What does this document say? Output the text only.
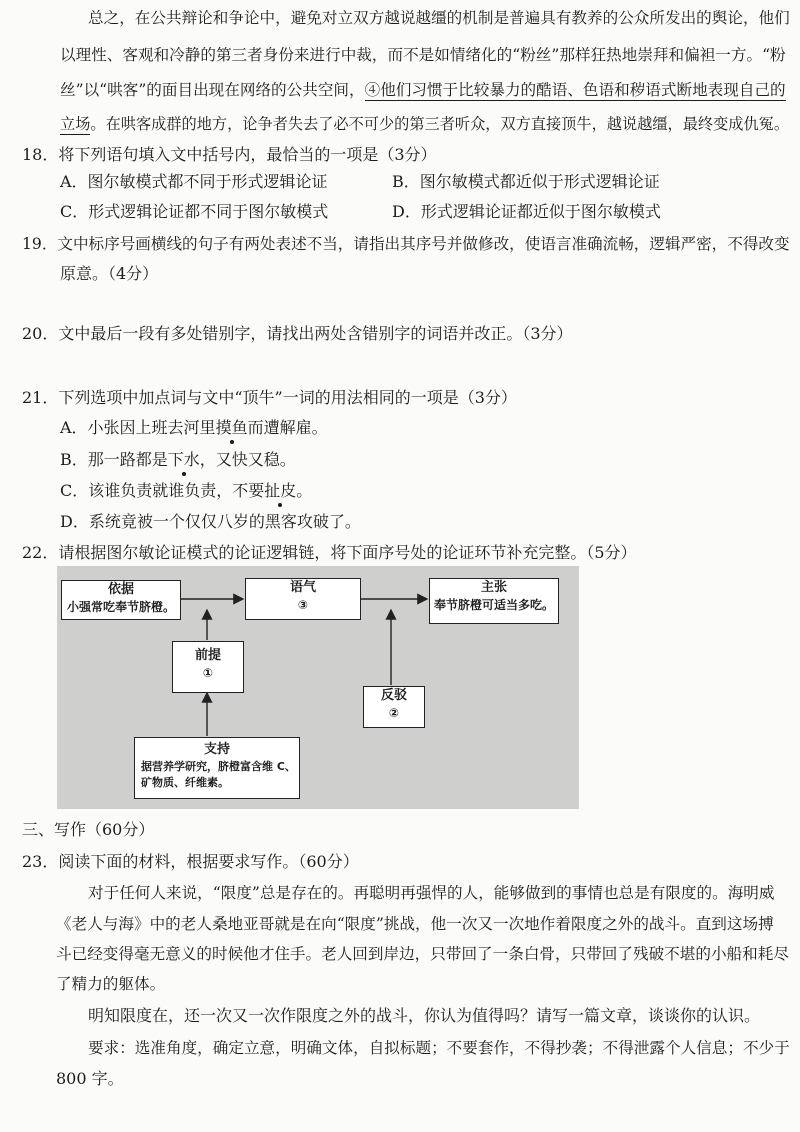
总之，在公共辩论和争论中，避免对立双方越说越缰的机制是普遍具有教养的公众所发出的舆论，他们
以理性、客观和冷静的第三者身份来进行中裁，而不是如情绪化的“粉丝”那样狂热地崇拜和偏袒一方。“粉
丝”以“哄客”的面目出现在网络的公共空间，④他们习惯于比较暴力的酷语、色语和秽语式断地表现自己的
立场。在哄客成群的地方，论争者失去了必不可少的第三者听众，双方直接顶牛，越说越缰，最终变成仇冤。
18．将下列语句填入文中括号内，最恰当的一项是（3分）
A．图尔敏模式都不同于形式逻辑论证	B．图尔敏模式都近似于形式逻辑论证
C．形式逻辑论证都不同于图尔敏模式	D．形式逻辑论证都近似于图尔敏模式
19．文中标序号画横线的句子有两处表述不当，请指出其序号并做修改，使语言准确流畅，逻辑严密，不得改变
原意。（4分）
20．文中最后一段有多处错别字，请找出两处含错别字的词语并改正。（3分）
21．下列选项中加点词与文中“顶牛”一词的用法相同的一项是（3分）
A．小张因上班去河里摸鱼而遭解雇。
B．那一路都是下水，又快又稳。
C．该谁负责就谁负责，不要扯皮。
D．系统竟被一个仅仅八岁的黑客攻破了。
22．请根据图尔敏论证模式的论证逻辑链，将下面序号处的论证环节补充完整。（5分）
依据
小强常吃奉节脐橙。
语气
③
主张
奉节脐橙可适当多吃。
前提
①
反驳
②
支持
据营养学研究，脐橙富含维 C、
矿物质、纤维素。
三、写作（60分）
23．阅读下面的材料，根据要求写作。（60分）
对于任何人来说，“限度”总是存在的。再聪明再强悍的人，能够做到的事情也总是有限度的。海明威
《老人与海》中的老人桑地亚哥就是在向“限度”挑战，他一次又一次地作着限度之外的战斗。直到这场搏
斗已经变得毫无意义的时候他才住手。老人回到岸边，只带回了一条白骨，只带回了残破不堪的小船和耗尽
了精力的躯体。
明知限度在，还一次又一次作限度之外的战斗，你认为值得吗？请写一篇文章，谈谈你的认识。
要求：选准角度，确定立意，明确文体，自拟标题；不要套作，不得抄袭；不得泄露个人信息；不少于
800 字。
